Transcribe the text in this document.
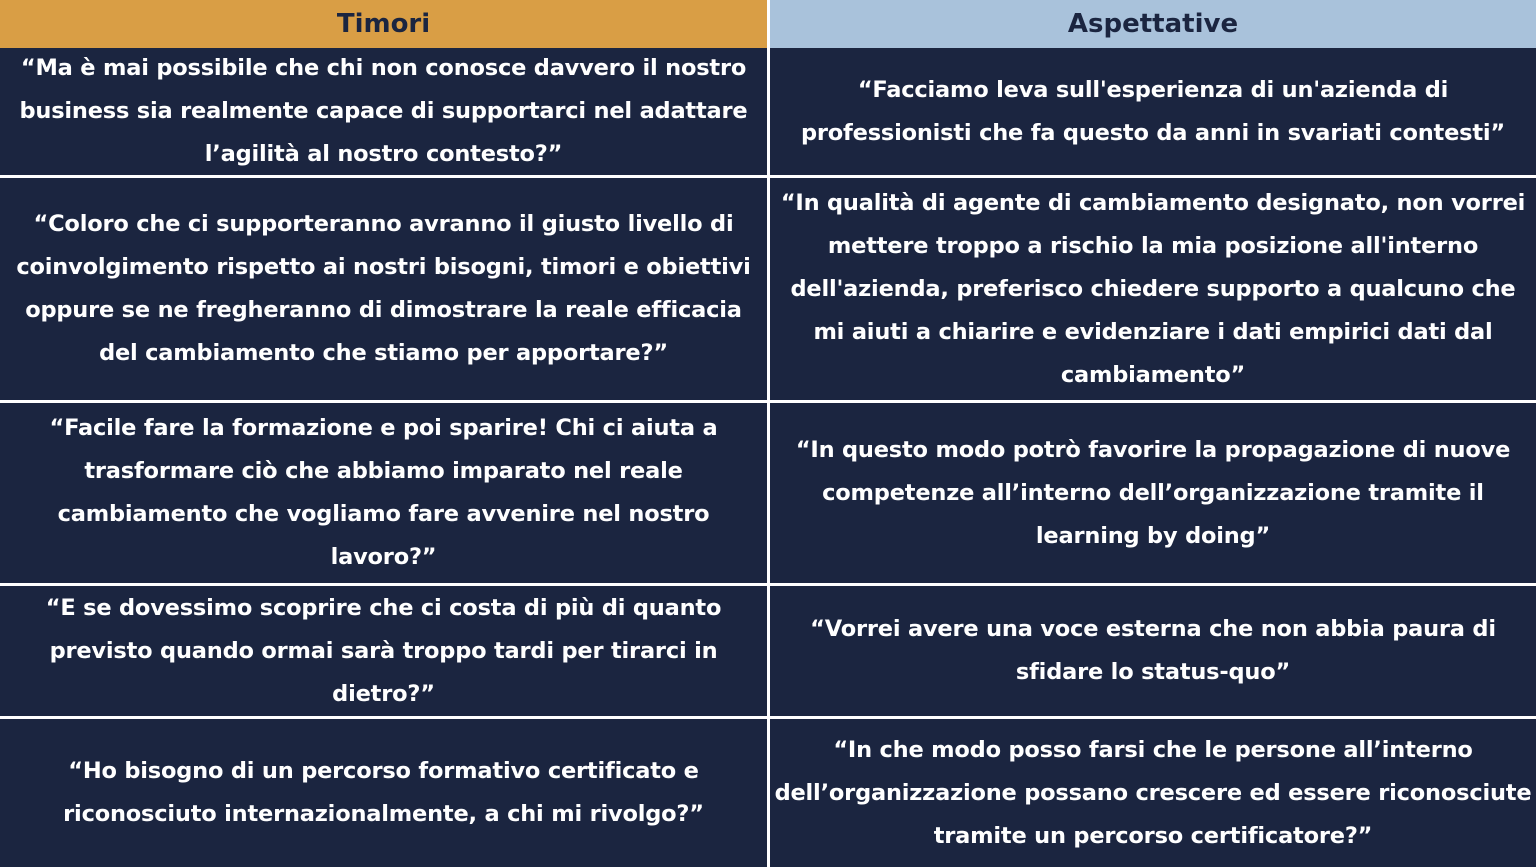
Timori	Aspettative
“Ma è mai possibile che chi non conosce davvero il nostro business sia realmente capace di supportarci nel adattare l’agilità al nostro contesto?”
“Facciamo leva sull'esperienza di un'azienda di professionisti che fa questo da anni in svariati contesti”
“Coloro che ci supporteranno avranno il giusto livello di coinvolgimento rispetto ai nostri bisogni, timori e obiettivi oppure se ne fregheranno di dimostrare la reale efficacia del cambiamento che stiamo per apportare?”
“In qualità di agente di cambiamento designato, non vorrei mettere troppo a rischio la mia posizione all'interno dell'azienda, preferisco chiedere supporto a qualcuno che mi aiuti a chiarire e evidenziare i dati empirici dati dal cambiamento”
“Facile fare la formazione e poi sparire! Chi ci aiuta a trasformare ciò che abbiamo imparato nel reale cambiamento che vogliamo fare avvenire nel nostro lavoro?”
“In questo modo potrò favorire la propagazione di nuove competenze all’interno dell’organizzazione tramite il learning by doing”
“E se dovessimo scoprire che ci costa di più di quanto previsto quando ormai sarà troppo tardi per tirarci in dietro?”
“Vorrei avere una voce esterna che non abbia paura di sfidare lo status-quo”
“Ho bisogno di un percorso formativo certificato e riconosciuto internazionalmente, a chi mi rivolgo?”
“In che modo posso farsi che le persone all’interno dell’organizzazione possano crescere ed essere riconosciute tramite un percorso certificatore?”
